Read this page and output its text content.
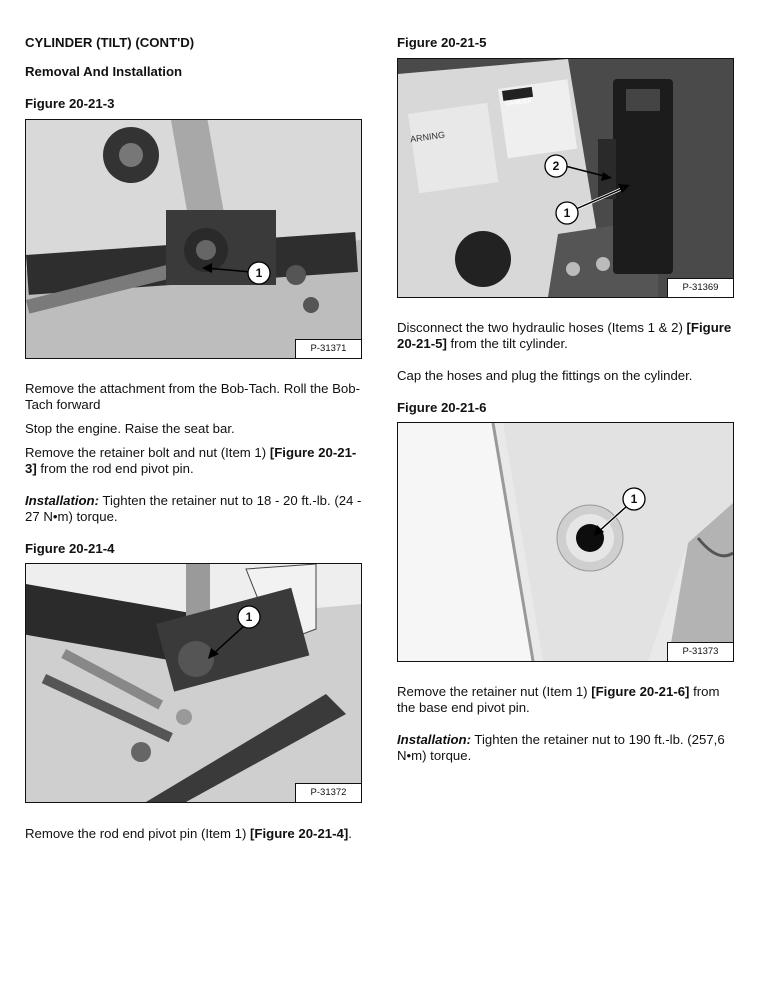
CYLINDER (TILT) (CONT'D)
Removal And Installation
Figure 20-21-3
1
P-31371
Remove the attachment from the Bob-Tach. Roll the Bob-Tach forward
Stop the engine. Raise the seat bar.
Remove the retainer bolt and nut (Item 1) [Figure 20-21-3] from the rod end pivot pin.
Installation: Tighten the retainer nut to 18 - 20 ft.-lb. (24 - 27 N•m) torque.
Figure 20-21-4
1
P-31372
Remove the rod end pivot pin (Item 1) [Figure 20-21-4].
Figure 20-21-5
ARNING
DANGER
2
1
P-31369
Disconnect the two hydraulic hoses (Items 1 & 2) [Figure 20-21-5] from the tilt cylinder.
Cap the hoses and plug the fittings on the cylinder.
Figure 20-21-6
1
P-31373
Remove the retainer nut (Item 1) [Figure 20-21-6] from the base end pivot pin.
Installation: Tighten the retainer nut to 190 ft.-lb. (257,6 N•m) torque.
